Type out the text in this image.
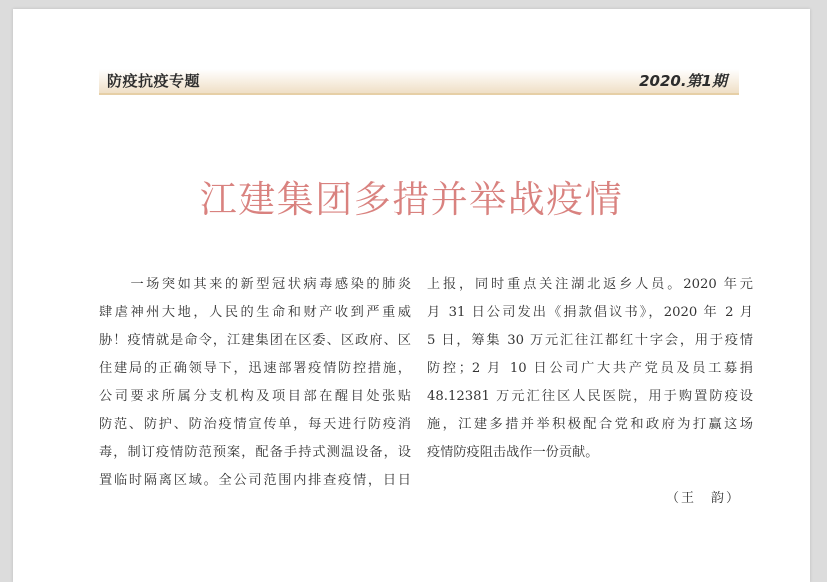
防疫抗疫专题	2020.第1期
江建集团多措并举战疫情
　　一场突如其来的新型冠状病毒感染的肺炎
肆虐神州大地，人民的生命和财产收到严重威
胁！疫情就是命令，江建集团在区委、区政府、区
住建局的正确领导下，迅速部署疫情防控措施，
公司要求所属分支机构及项目部在醒目处张贴
防范、防护、防治疫情宣传单，每天进行防疫消
毒，制订疫情防范预案，配备手持式测温设备，设
置临时隔离区域。全公司范围内排查疫情，日日
上报，同时重点关注湖北返乡人员。2020 年元
月 31 日公司发出《捐款倡议书》，2020 年 2 月
5 日，筹集 30 万元汇往江都红十字会，用于疫情
防控；2 月 10 日公司广大共产党员及员工募捐
48.12381 万元汇往区人民医院，用于购置防疫设
施，江建多措并举积极配合党和政府为打赢这场
疫情防疫阻击战作一份贡献。
（王　韵）
